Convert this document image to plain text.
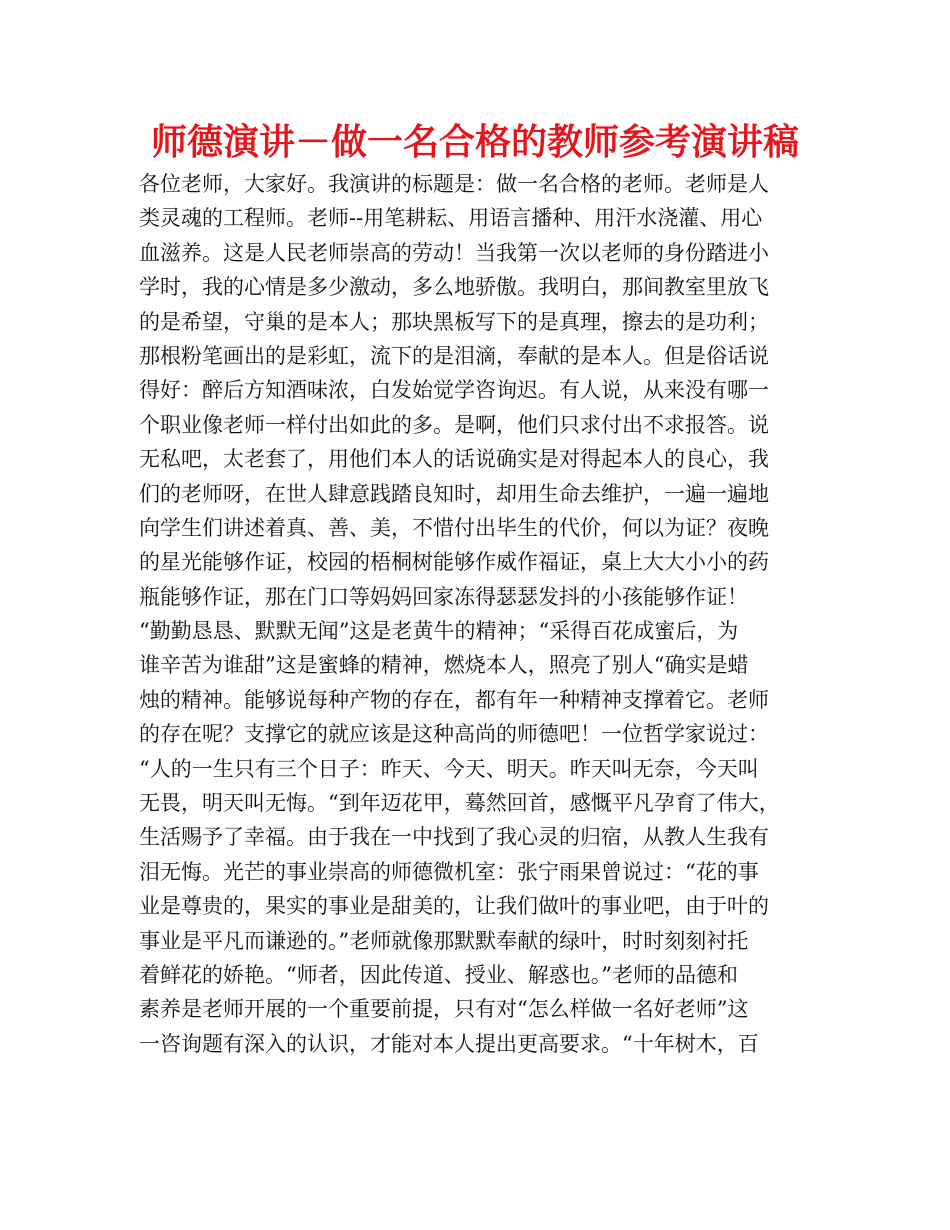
师德演讲－做一名合格的教师参考演讲稿
各位老师，大家好。我演讲的标题是：做一名合格的老师。老师是人
类灵魂的工程师。老师--用笔耕耘、用语言播种、用汗水浇灌、用心
血滋养。这是人民老师崇高的劳动！当我第一次以老师的身份踏进小
学时，我的心情是多少激动，多么地骄傲。我明白，那间教室里放飞
的是希望，守巢的是本人；那块黑板写下的是真理，擦去的是功利；
那根粉笔画出的是彩虹，流下的是泪滴，奉献的是本人。但是俗话说
得好：醉后方知酒味浓，白发始觉学咨询迟。有人说，从来没有哪一
个职业像老师一样付出如此的多。是啊，他们只求付出不求报答。说
无私吧，太老套了，用他们本人的话说确实是对得起本人的良心，我
们的老师呀，在世人肆意践踏良知时，却用生命去维护，一遍一遍地
向学生们讲述着真、善、美，不惜付出毕生的代价，何以为证？夜晚
的星光能够作证，校园的梧桐树能够作威作福证，桌上大大小小的药
瓶能够作证，那在门口等妈妈回家冻得瑟瑟发抖的小孩能够作证！
“勤勤恳恳、默默无闻”这是老黄牛的精神；“采得百花成蜜后，为
谁辛苦为谁甜”这是蜜蜂的精神，燃烧本人，照亮了别人“确实是蜡
烛的精神。能够说每种产物的存在，都有年一种精神支撑着它。老师
的存在呢？支撑它的就应该是这种高尚的师德吧！一位哲学家说过：
“人的一生只有三个日子：昨天、今天、明天。昨天叫无奈，今天叫
无畏，明天叫无悔。“到年迈花甲，蓦然回首，感慨平凡孕育了伟大，
生活赐予了幸福。由于我在一中找到了我心灵的归宿，从教人生我有
泪无悔。光芒的事业崇高的师德微机室：张宁雨果曾说过：“花的事
业是尊贵的，果实的事业是甜美的，让我们做叶的事业吧，由于叶的
事业是平凡而谦逊的。”老师就像那默默奉献的绿叶，时时刻刻衬托
着鲜花的娇艳。“师者，因此传道、授业、解惑也。”老师的品德和
素养是老师开展的一个重要前提，只有对“怎么样做一名好老师”这
一咨询题有深入的认识，才能对本人提出更高要求。“十年树木，百
